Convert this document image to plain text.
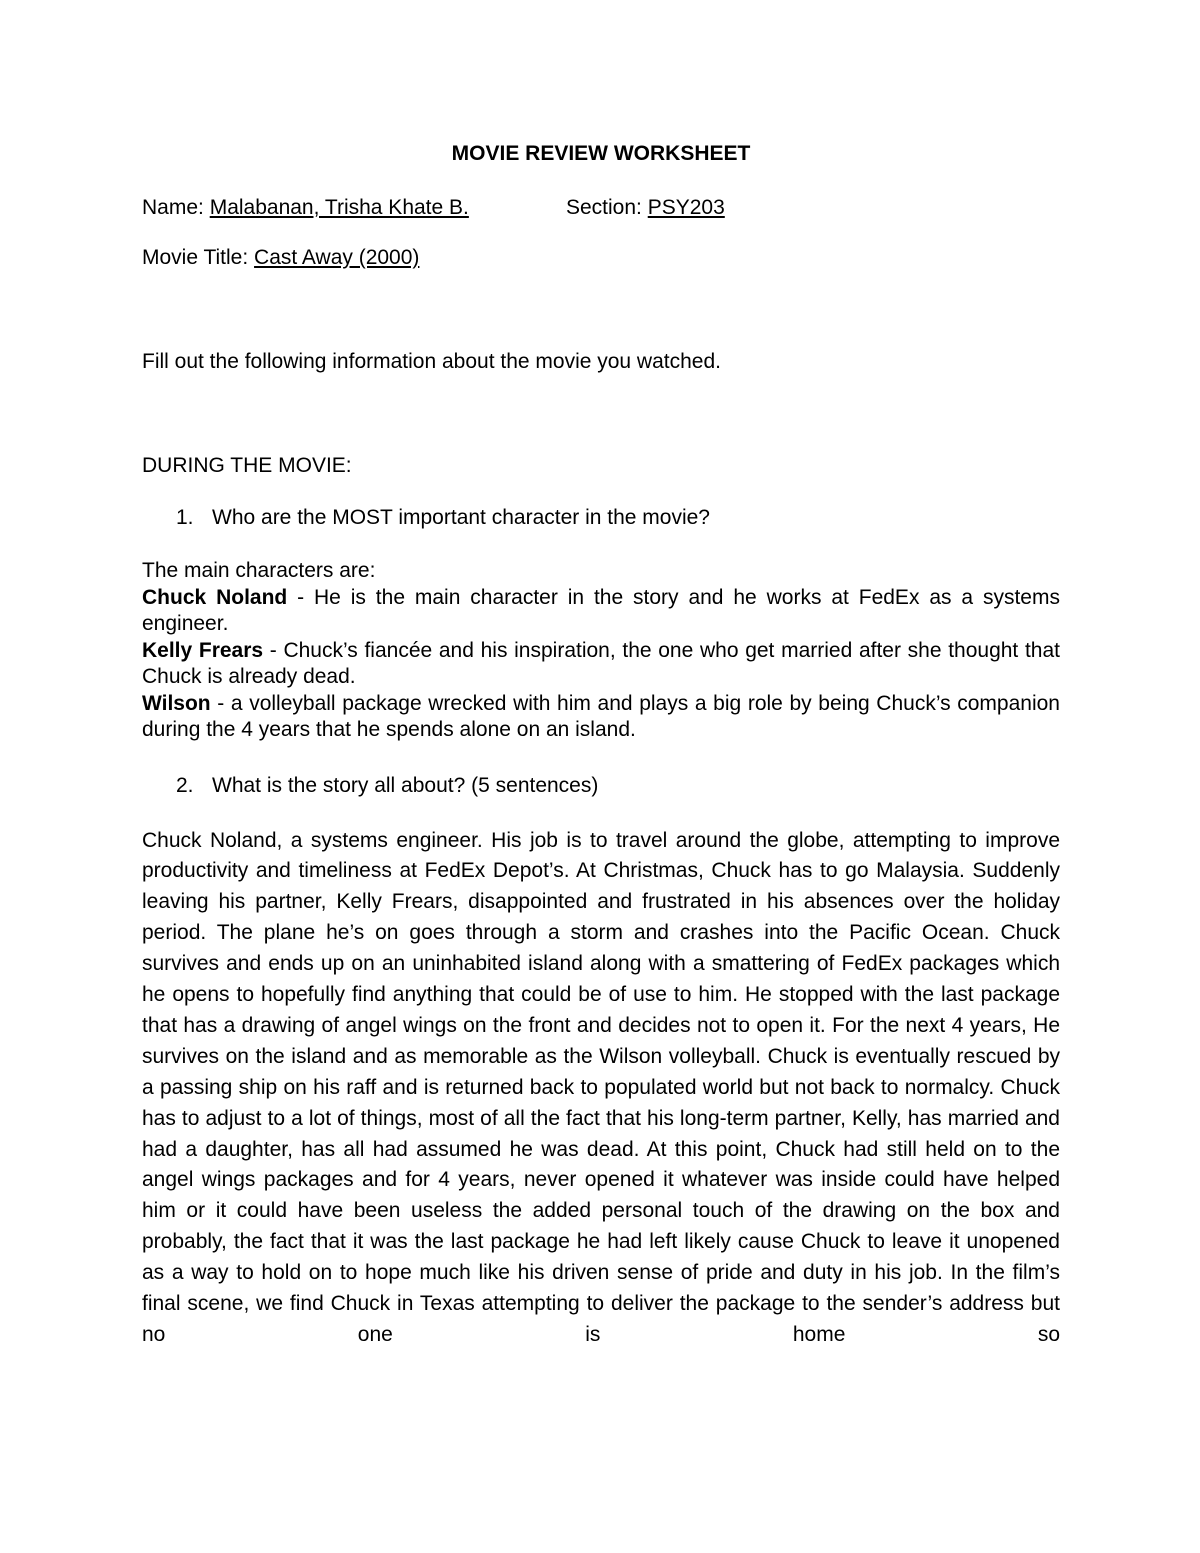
MOVIE REVIEW WORKSHEET
Name: Malabanan, Trisha Khate B.	Section: PSY203
Movie Title: Cast Away (2000)
Fill out the following information about the movie you watched.
DURING THE MOVIE:
1. Who are the MOST important character in the movie?

The main characters are:

Chuck Noland - He is the main character in the story and he works at FedEx as a systems engineer.

Kelly Frears - Chuck’s fiancée and his inspiration, the one who get married after she thought that Chuck is already dead.

Wilson - a volleyball package wrecked with him and plays a big role by being Chuck’s companion during the 4 years that he spends alone on an island.

2. What is the story all about? (5 sentences)
Chuck Noland, a systems engineer. His job is to travel around the globe, attempting to improve productivity and timeliness at FedEx Depot’s. At Christmas, Chuck has to go Malaysia. Suddenly leaving his partner, Kelly Frears, disappointed and frustrated in his absences over the holiday period. The plane he’s on goes through a storm and crashes into the Pacific Ocean. Chuck survives and ends up on an uninhabited island along with a smattering of FedEx packages which he opens to hopefully find anything that could be of use to him. He stopped with the last package that has a drawing of angel wings on the front and decides not to open it. For the next 4 years, He survives on the island and as memorable as the Wilson volleyball. Chuck is eventually rescued by a passing ship on his raff and is returned back to populated world but not back to normalcy. Chuck has to adjust to a lot of things, most of all the fact that his long-term partner, Kelly, has married and had a daughter, has all had assumed he was dead. At this point, Chuck had still held on to the angel wings packages and for 4 years, never opened it whatever was inside could have helped him or it could have been useless the added personal touch of the drawing on the box and probably, the fact that it was the last package he had left likely cause Chuck to leave it unopened as a way to hold on to hope much like his driven sense of pride and duty in his job. In the film’s final scene, we find Chuck in Texas attempting to deliver the package to the sender’s address but no one is home so
